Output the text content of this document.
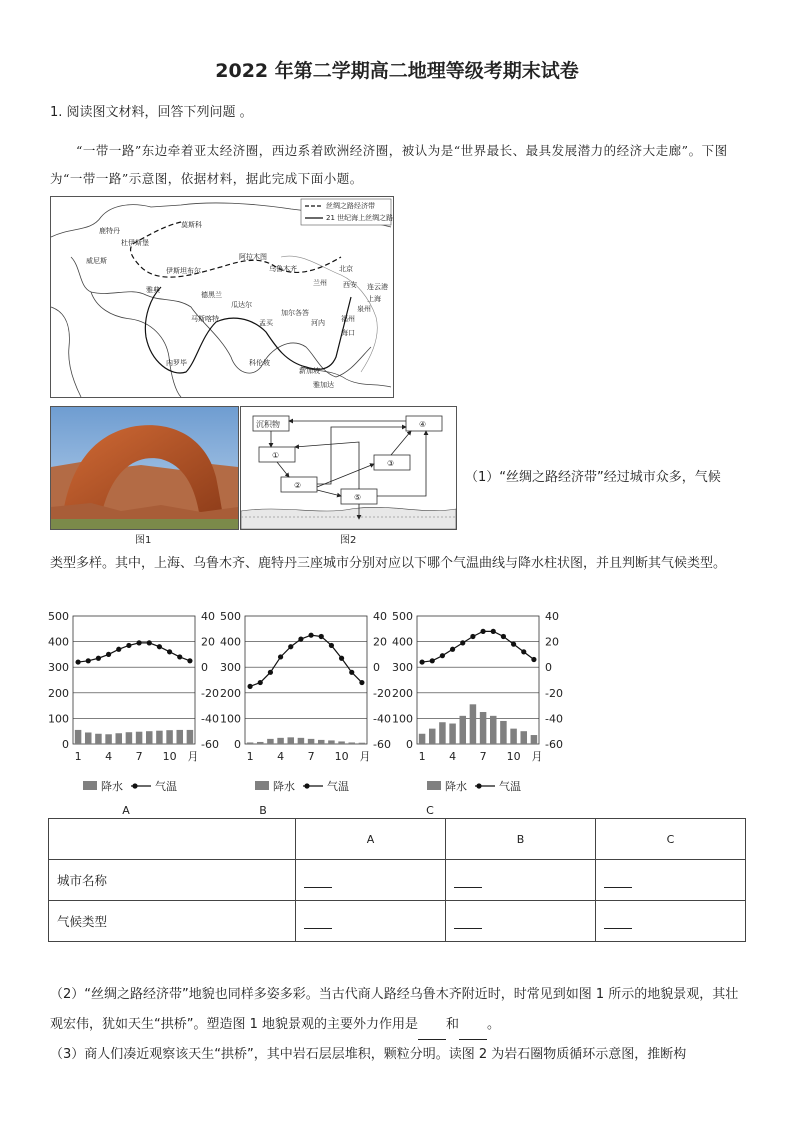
2022 年第二学期高二地理等级考期末试卷
1. 阅读图文材料，回答下列问题 。
“一带一路”东边牵着亚太经济圈，西边系着欧洲经济圈，被认为是“世界最长、最具发展潜力的经济大走廊”。下图为“一带一路”示意图，依据材料，据此完成下面小题。
丝绸之路经济带
21 世纪海上丝绸之路
莫斯科
鹿特丹
杜伊斯堡
威尼斯
伊斯坦布尔
雅典
德黑兰
阿拉木图
乌鲁木齐	北京
兰州 西安 连云港
上海
泉州
福州
海口
河内
瓜达尔
马斯喀特
加尔各答
孟买
科伦坡
内罗毕
新加坡
雅加达
图1
沉积物	④
①
②
③
⑤
图2
（1）“丝绸之路经济带”经过城市众多，气候
类型多样。其中，上海、乌鲁木齐、鹿特丹三座城市分别对应以下哪个气温曲线与降水柱状图，并且判断其气候类型。
0
100
200
300
400
500
-60
-40
-20
0
20
40
1 4 7 10 月
降水	气温
A
0
100
200
300
400
500
-60
-40
-20
0
20
40
1 4 7 10 月
降水	气温
B
0
100
200
300
400
500
-60
-40
-20
0
20
40
1 4 7 10 月
降水	气温
C
	A	B	C
城市名称			
气候类型			
（2）“丝绸之路经济带”地貌也同样多姿多彩。当古代商人路经乌鲁木齐附近时，时常见到如图 1 所示的地貌景观，其壮观宏伟，犹如天生“拱桥”。塑造图 1 地貌景观的主要外力作用是 和 。
（3）商人们凑近观察该天生“拱桥”，其中岩石层层堆积，颗粒分明。读图 2 为岩石圈物质循环示意图，推断构
